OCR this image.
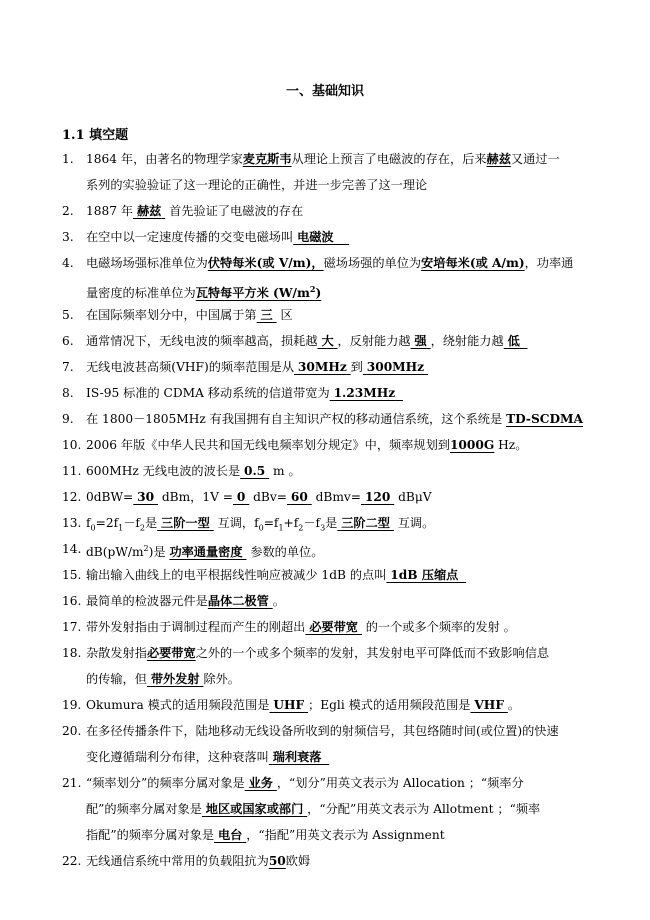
一、基础知识
1.1 填空题
1. 1864 年，由著名的物理学家麦克斯韦从理论上预言了电磁波的存在，后来赫兹又通过一
系列的实验验证了这一理论的正确性，并进一步完善了这一理论
2. 1887 年 赫兹 首先验证了电磁波的存在
3. 在空中以一定速度传播的交变电磁场叫 电磁波
4. 电磁场场强标准单位为伏特每米(或 V/m)，磁场场强的单位为安培每米(或 A/m)，功率通
量密度的标准单位为瓦特每平方米 $(W/m^2)$
5. 在国际频率划分中，中国属于第 三 区
6. 通常情况下，无线电波的频率越高，损耗越 大 ，反射能力越 强 ，绕射能力越 低
7. 无线电波甚高频(VHF)的频率范围是从 30MHz 到 300MHz
8. IS-95 标准的 CDMA 移动系统的信道带宽为 1.23MHz
9. 在 1800－1805MHz 有我国拥有自主知识产权的移动通信系统，这个系统是 TD-SCDMA
10. 2006 年版《中华人民共和国无线电频率划分规定》中，频率规划到1000G Hz。
11. 600MHz 无线电波的波长是 0.5 m 。
12. 0dBW= 30 dBm，1V = 0 dBv= 60 dBmv= 120 dBμV
13. $f_0=2f_1-f_2$是 三阶一型 互调，$f_0=f_1+f_2-f_3$是 三阶二型 互调。
14. $dB(pW/m^2)$是 功率通量密度 参数的单位。
15. 输出输入曲线上的电平根据线性响应被减少 1dB 的点叫 1dB 压缩点
16. 最简单的检波器元件是晶体二极管 。
17. 带外发射指由于调制过程而产生的刚超出 必要带宽 的一个或多个频率的发射 。
18. 杂散发射指必要带宽之外的一个或多个频率的发射，其发射电平可降低而不致影响信息
的传输，但 带外发射 除外。
19. Okumura 模式的适用频段范围是 UHF ；Egli 模式的适用频段范围是 VHF 。
20. 在多径传播条件下，陆地移动无线设备所收到的射频信号，其包络随时间(或位置)的快速
变化遵循瑞利分布律，这种衰落叫 瑞利衰落
21. “频率划分”的频率分属对象是 业务 ，“划分”用英文表示为 Allocation ；“频率分
配”的频率分属对象是 地区或国家或部门 ，“分配”用英文表示为 Allotment ；“频率
指配”的频率分属对象是 电台 ，“指配”用英文表示为 Assignment
22. 无线通信系统中常用的负载阻抗为50欧姆
